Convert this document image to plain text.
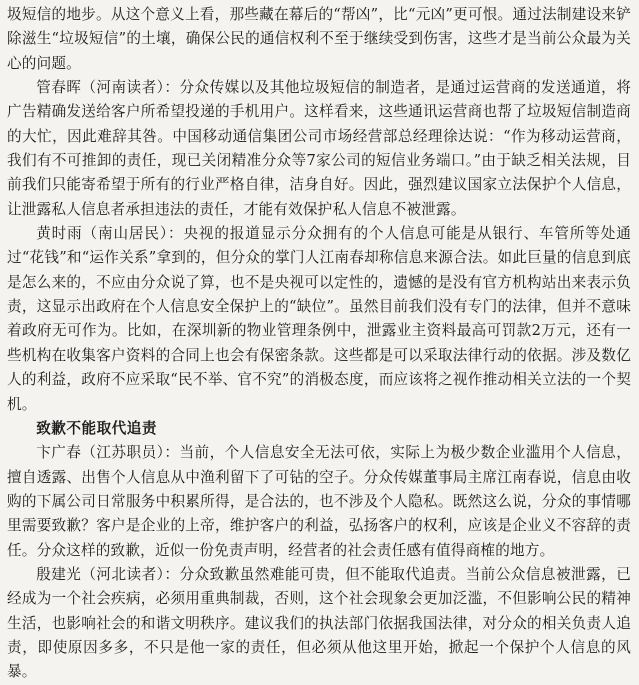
圾短信的地步。从这个意义上看，那些藏在幕后的“帮凶”，比“元凶”更可恨。通过法制建设来铲除滋生“垃圾短信”的土壤，确保公民的通信权利不至于继续受到伤害，这些才是当前公众最为关心的问题。

管春晖（河南读者）：分众传媒以及其他垃圾短信的制造者，是通过运营商的发送通道，将广告精确发送给客户所希望投递的手机用户。这样看来，这些通讯运营商也帮了垃圾短信制造商的大忙，因此难辞其咎。中国移动通信集团公司市场经营部总经理徐达说：“作为移动运营商，我们有不可推卸的责任，现已关闭精准分众等7家公司的短信业务端口。”由于缺乏相关法规，目前我们只能寄希望于所有的行业严格自律，洁身自好。因此，强烈建议国家立法保护个人信息，让泄露私人信息者承担违法的责任，才能有效保护私人信息不被泄露。

黄时雨（南山居民）：央视的报道显示分众拥有的个人信息可能是从银行、车管所等处通过“花钱”和“运作关系”拿到的，但分众的掌门人江南春却称信息来源合法。如此巨量的信息到底是怎么来的，不应由分众说了算，也不是央视可以定性的，遗憾的是没有官方机构站出来表示负责，这显示出政府在个人信息安全保护上的“缺位”。虽然目前我们没有专门的法律，但并不意味着政府无可作为。比如，在深圳新的物业管理条例中，泄露业主资料最高可罚款2万元，还有一些机构在收集客户资料的合同上也会有保密条款。这些都是可以采取法律行动的依据。涉及数亿人的利益，政府不应采取“民不举、官不究”的消极态度，而应该将之视作推动相关立法的一个契机。

致歉不能取代追责

卞广春（江苏职员）：当前，个人信息安全无法可依，实际上为极少数企业滥用个人信息，擅自透露、出售个人信息从中渔利留下了可钻的空子。分众传媒董事局主席江南春说，信息由收购的下属公司日常服务中积累所得，是合法的，也不涉及个人隐私。既然这么说，分众的事情哪里需要致歉？客户是企业的上帝，维护客户的利益，弘扬客户的权利，应该是企业义不容辞的责任。分众这样的致歉，近似一份免责声明，经营者的社会责任感有值得商榷的地方。

殷建光（河北读者）：分众致歉虽然难能可贵，但不能取代追责。当前公众信息被泄露，已经成为一个社会疾病，必须用重典制裁，否则，这个社会现象会更加泛滥，不但影响公民的精神生活，也影响社会的和谐文明秩序。建议我们的执法部门依据我国法律，对分众的相关负责人追责，即使原因多多，不只是他一家的责任，但必须从他这里开始，掀起一个保护个人信息的风暴。
